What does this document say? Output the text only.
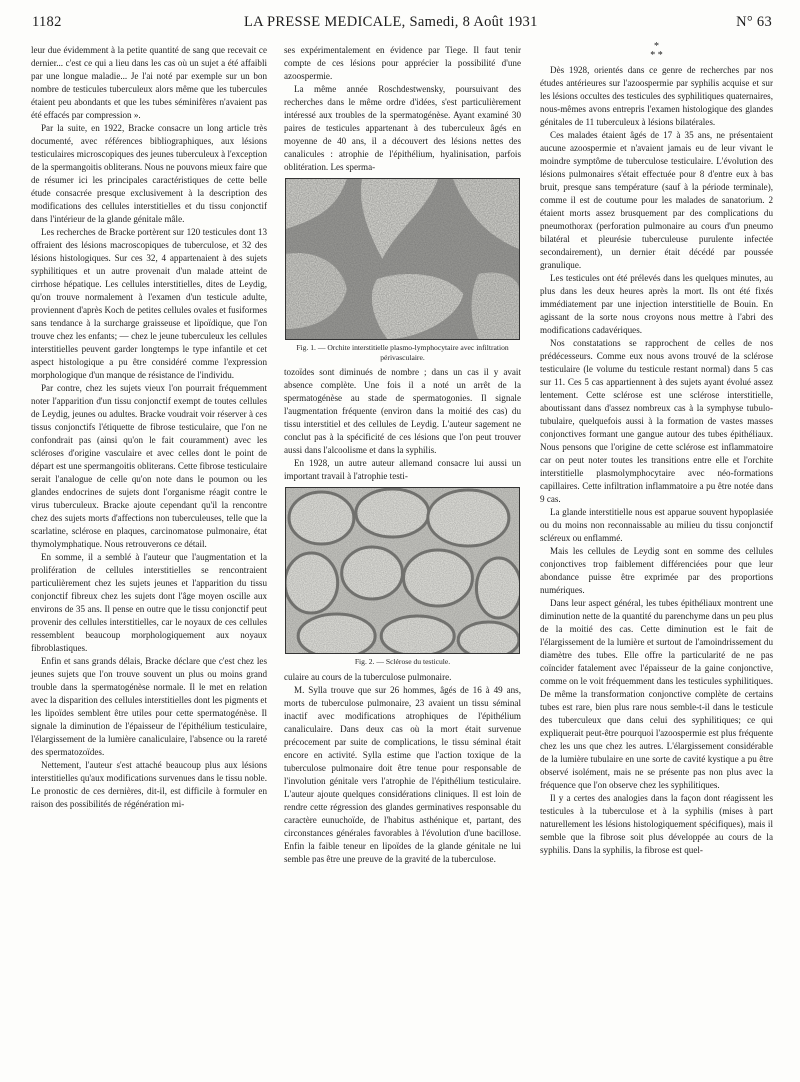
1182	LA PRESSE MEDICALE, Samedi, 8 Août 1931	N° 63

leur due évidemment à la petite quantité de sang que recevait ce dernier... c'est ce qui a lieu dans les cas où un sujet a été affaibli par une longue maladie... Je l'ai noté par exemple sur un bon nombre de testicules tuberculeux alors même que les tubercules étaient peu abondants et que les tubes séminifères n'avaient pas été effacés par compression ».

Par la suite, en 1922, Bracke consacre un long article très documenté, avec références bibliographiques, aux lésions testiculaires microscopiques des jeunes tuberculeux à l'exception de la spermangoitis obliterans. Nous ne pouvons mieux faire que de résumer ici les principales caractéristiques de cette belle étude consacrée presque exclusivement à la description des modifications des cellules interstitielles et du tissu conjonctif dans l'intérieur de la glande génitale mâle.

Les recherches de Bracke portèrent sur 120 testicules dont 13 offraient des lésions macroscopiques de tuberculose, et 32 des lésions histologiques. Sur ces 32, 4 appartenaient à des sujets syphilitiques et un autre provenait d'un malade atteint de cirrhose hépatique. Les cellules interstitielles, dites de Leydig, qu'on trouve normalement à l'examen d'un testicule adulte, proviennent d'après Koch de petites cellules ovales et fusiformes sans tendance à la surcharge graisseuse et lipoïdique, que l'on trouve chez les enfants; — chez le jeune tuberculeux les cellules interstitielles peuvent garder longtemps le type infantile et cet aspect histologique a pu être considéré comme l'expression morphologique d'un manque de résistance de l'individu.

Par contre, chez les sujets vieux l'on pourrait fréquemment noter l'apparition d'un tissu conjonctif exempt de toutes cellules de Leydig, jeunes ou adultes. Bracke voudrait voir réserver à ces tissus conjonctifs l'étiquette de fibrose testiculaire, que l'on ne confondrait pas (ainsi qu'on le fait couramment) avec les scléroses d'origine vasculaire et avec celles dont le point de départ est une spermangoitis obliterans. Cette fibrose testiculaire serait l'analogue de celle qu'on note dans le poumon ou les glandes endocrines de sujets dont l'organisme réagit contre le virus tuberculeux. Bracke ajoute cependant qu'il la rencontre chez des sujets morts d'affections non tuberculeuses, telle que la scarlatine, sclérose en plaques, carcinomatose pulmonaire, état thymolymphatique. Nous retrouverons ce détail.

En somme, il a semblé à l'auteur que l'augmentation et la prolifération de cellules interstitielles se rencontraient particulièrement chez les sujets jeunes et l'apparition du tissu conjonctif fibreux chez les sujets dont l'âge moyen oscille aux environs de 35 ans. Il pense en outre que le tissu conjonctif peut provenir des cellules interstitielles, car le noyaux de ces cellules ressemblent beaucoup morphologiquement aux noyaux fibroblastiques.

Enfin et sans grands délais, Bracke déclare que c'est chez les jeunes sujets que l'on trouve souvent un plus ou moins grand trouble dans la spermatogénèse normale. Il le met en relation avec la disparition des cellules interstitielles dont les pigments et les lipoïdes semblent être utiles pour cette spermatogénèse. Il signale la diminution de l'épaisseur de l'épithélium testiculaire, l'élargissement de la lumière canaliculaire, l'absence ou la rareté des spermatozoïdes.

Nettement, l'auteur s'est attaché beaucoup plus aux lésions interstitielles qu'aux modifications survenues dans le tissu noble. Le pronostic de ces dernières, dit-il, est difficile à formuler en raison des possibilités de régénération mi-

ses expérimentalement en évidence par Tiege. Il faut tenir compte de ces lésions pour apprécier la possibilité d'une azoospermie.

La même année Roschdestwensky, poursuivant des recherches dans le même ordre d'idées, s'est particulièrement intéressé aux troubles de la spermatogénèse. Ayant examiné 30 paires de testicules appartenant à des tuberculeux âgés en moyenne de 40 ans, il a découvert des lésions nettes des canalicules : atrophie de l'épithélium, hyalinisation, parfois oblitération. Les sperma-

Fig. 1. — Orchite interstitielle plasmo-lymphocytaire avec infiltration périvasculaire.

tozoïdes sont diminués de nombre ; dans un cas il y avait absence complète. Une fois il a noté un arrêt de la spermatogénèse au stade de spermatogonies. Il signale l'augmentation fréquente (environ dans la moitié des cas) du tissu interstitiel et des cellules de Leydig. L'auteur sagement ne conclut pas à la spécificité de ces lésions que l'on peut trouver aussi dans l'alcoolisme et dans la syphilis.

En 1928, un autre auteur allemand consacre lui aussi un important travail à l'atrophie testi-

Fig. 2. — Sclérose du testicule.

culaire au cours de la tuberculose pulmonaire.

M. Sylla trouve que sur 26 hommes, âgés de 16 à 49 ans, morts de tuberculose pulmonaire, 23 avaient un tissu séminal inactif avec modifications atrophiques de l'épithélium canaliculaire. Dans deux cas où la mort était survenue précocement par suite de complications, le tissu séminal était encore en activité. Sylla estime que l'action toxique de la tuberculose pulmonaire doit être tenue pour responsable de l'involution génitale vers l'atrophie de l'épithélium testiculaire. L'auteur ajoute quelques considérations cliniques. Il est loin de rendre cette régression des glandes germinatives responsable du caractère eunuchoïde, de l'habitus asthénique et, partant, des circonstances générales favorables à l'évolution d'une bacillose. Enfin la faible teneur en lipoïdes de la glande génitale ne lui semble pas être une preuve de la gravité de la tuberculose.

*
* *

Dès 1928, orientés dans ce genre de recherches par nos études antérieures sur l'azoospermie par syphilis acquise et sur les lésions occultes des testicules des syphilitiques quaternaires, nous-mêmes avons entrepris l'examen histologique des glandes génitales de 11 tuberculeux à lésions bilatérales.

Ces malades étaient âgés de 17 à 35 ans, ne présentaient aucune azoospermie et n'avaient jamais eu de leur vivant le moindre symptôme de tuberculose testiculaire. L'évolution des lésions pulmonaires s'était effectuée pour 8 d'entre eux à bas bruit, presque sans température (sauf à la période terminale), comme il est de coutume pour les malades de sanatorium. 2 étaient morts assez brusquement par des complications du pneumothorax (perforation pulmonaire au cours d'un pneumo bilatéral et pleurésie tuberculeuse purulente infectée secondairement), un dernier était décédé par poussée granulique.

Les testicules ont été prélevés dans les quelques minutes, au plus dans les deux heures après la mort. Ils ont été fixés immédiatement par une injection interstitielle de Bouin. En agissant de la sorte nous croyons nous mettre à l'abri des modifications cadavériques.

Nos constatations se rapprochent de celles de nos prédécesseurs. Comme eux nous avons trouvé de la sclérose testiculaire (le volume du testicule restant normal) dans 5 cas sur 11. Ces 5 cas appartiennent à des sujets ayant évolué assez lentement. Cette sclérose est une sclérose interstitielle, aboutissant dans d'assez nombreux cas à la symphyse tubulo-tubulaire, quelquefois aussi à la formation de vastes masses conjonctives formant une gangue autour des tubes épithéliaux. Nous pensons que l'origine de cette sclérose est inflammatoire car on peut noter toutes les transitions entre elle et l'orchite interstitielle plasmolymphocytaire avec néo-formations capillaires. Cette infiltration inflammatoire a pu être notée dans 9 cas.

La glande interstitielle nous est apparue souvent hypoplasiée ou du moins non reconnaissable au milieu du tissu conjonctif scléreux ou enflammé.

Mais les cellules de Leydig sont en somme des cellules conjonctives trop faiblement différenciées pour que leur abondance puisse être exprimée par des proportions numériques.

Dans leur aspect général, les tubes épithéliaux montrent une diminution nette de la quantité du parenchyme dans un peu plus de la moitié des cas. Cette diminution est le fait de l'élargissement de la lumière et surtout de l'amoindrissement du diamètre des tubes. Elle offre la particularité de ne pas coïncider fatalement avec l'épaisseur de la gaine conjonctive, comme on le voit fréquemment dans les testicules syphilitiques. De même la transformation conjonctive complète de certains tubes est rare, bien plus rare nous semble-t-il dans le testicule des tuberculeux que dans celui des syphilitiques; ce qui expliquerait peut-être pourquoi l'azoospermie est plus fréquente chez les uns que chez les autres. L'élargissement considérable de la lumière tubulaire en une sorte de cavité kystique a pu être observé isolément, mais ne se présente pas non plus avec la fréquence que l'on observe chez les syphilitiques.

Il y a certes des analogies dans la façon dont réagissent les testicules à la tuberculose et à la syphilis (mises à part naturellement les lésions histologiquement spécifiques), mais il semble que la fibrose soit plus développée au cours de la syphilis. Dans la syphilis, la fibrose est quel-
